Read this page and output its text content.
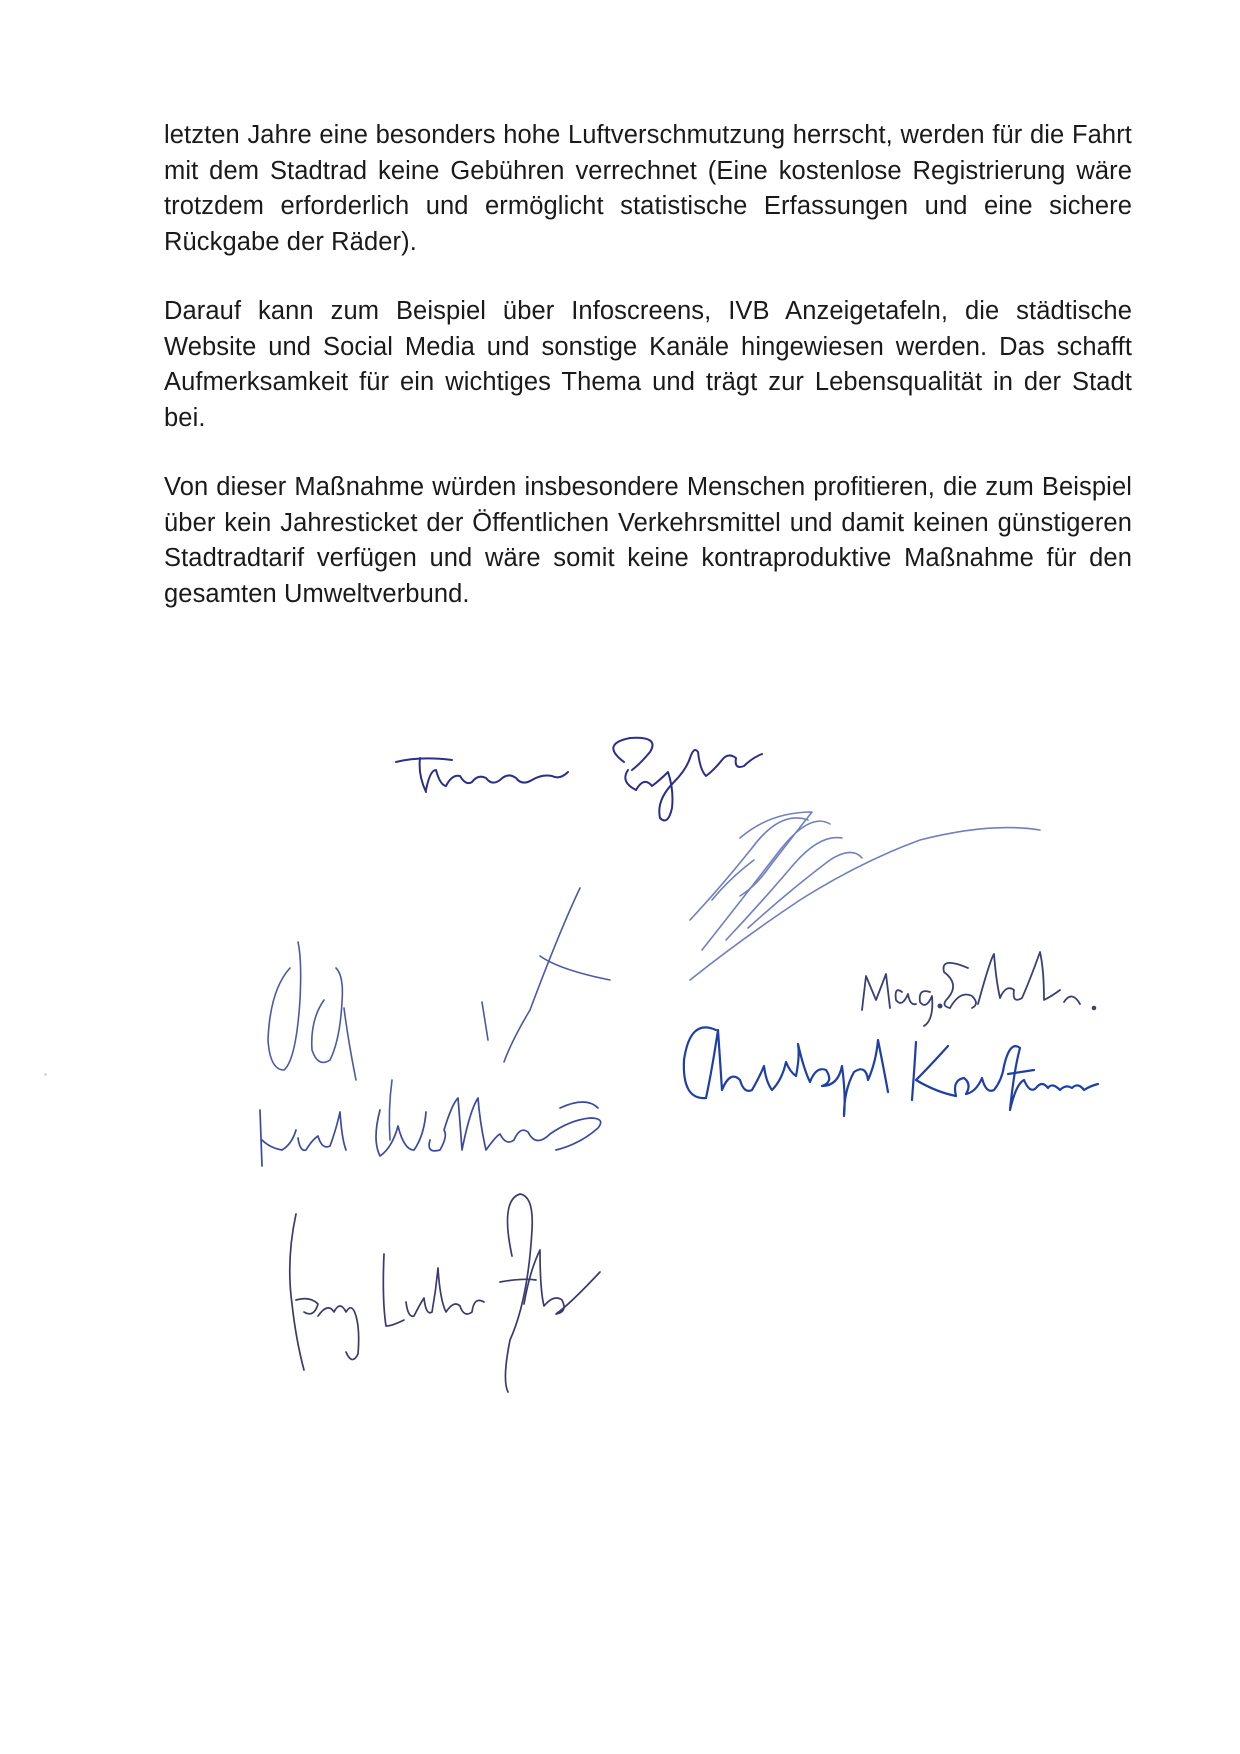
letzten Jahre eine besonders hohe Luftverschmutzung herrscht, werden für die Fahrt mit dem Stadtrad keine Gebühren verrechnet (Eine kostenlose Registrierung wäre trotzdem erforderlich und ermöglicht statistische Erfassungen und eine sichere Rückgabe der Räder).

Darauf kann zum Beispiel über Infoscreens, IVB Anzeigetafeln, die städtische Website und Social Media und sonstige Kanäle hingewiesen werden. Das schafft Aufmerksamkeit für ein wichtiges Thema und trägt zur Lebensqualität in der Stadt bei.

Von dieser Maßnahme würden insbesondere Menschen profitieren, die zum Beispiel über kein Jahresticket der Öffentlichen Verkehrsmittel und damit keinen günstigeren Stadtradtarif verfügen und wäre somit keine kontraproduktive Maßnahme für den gesamten Umweltverbund.
